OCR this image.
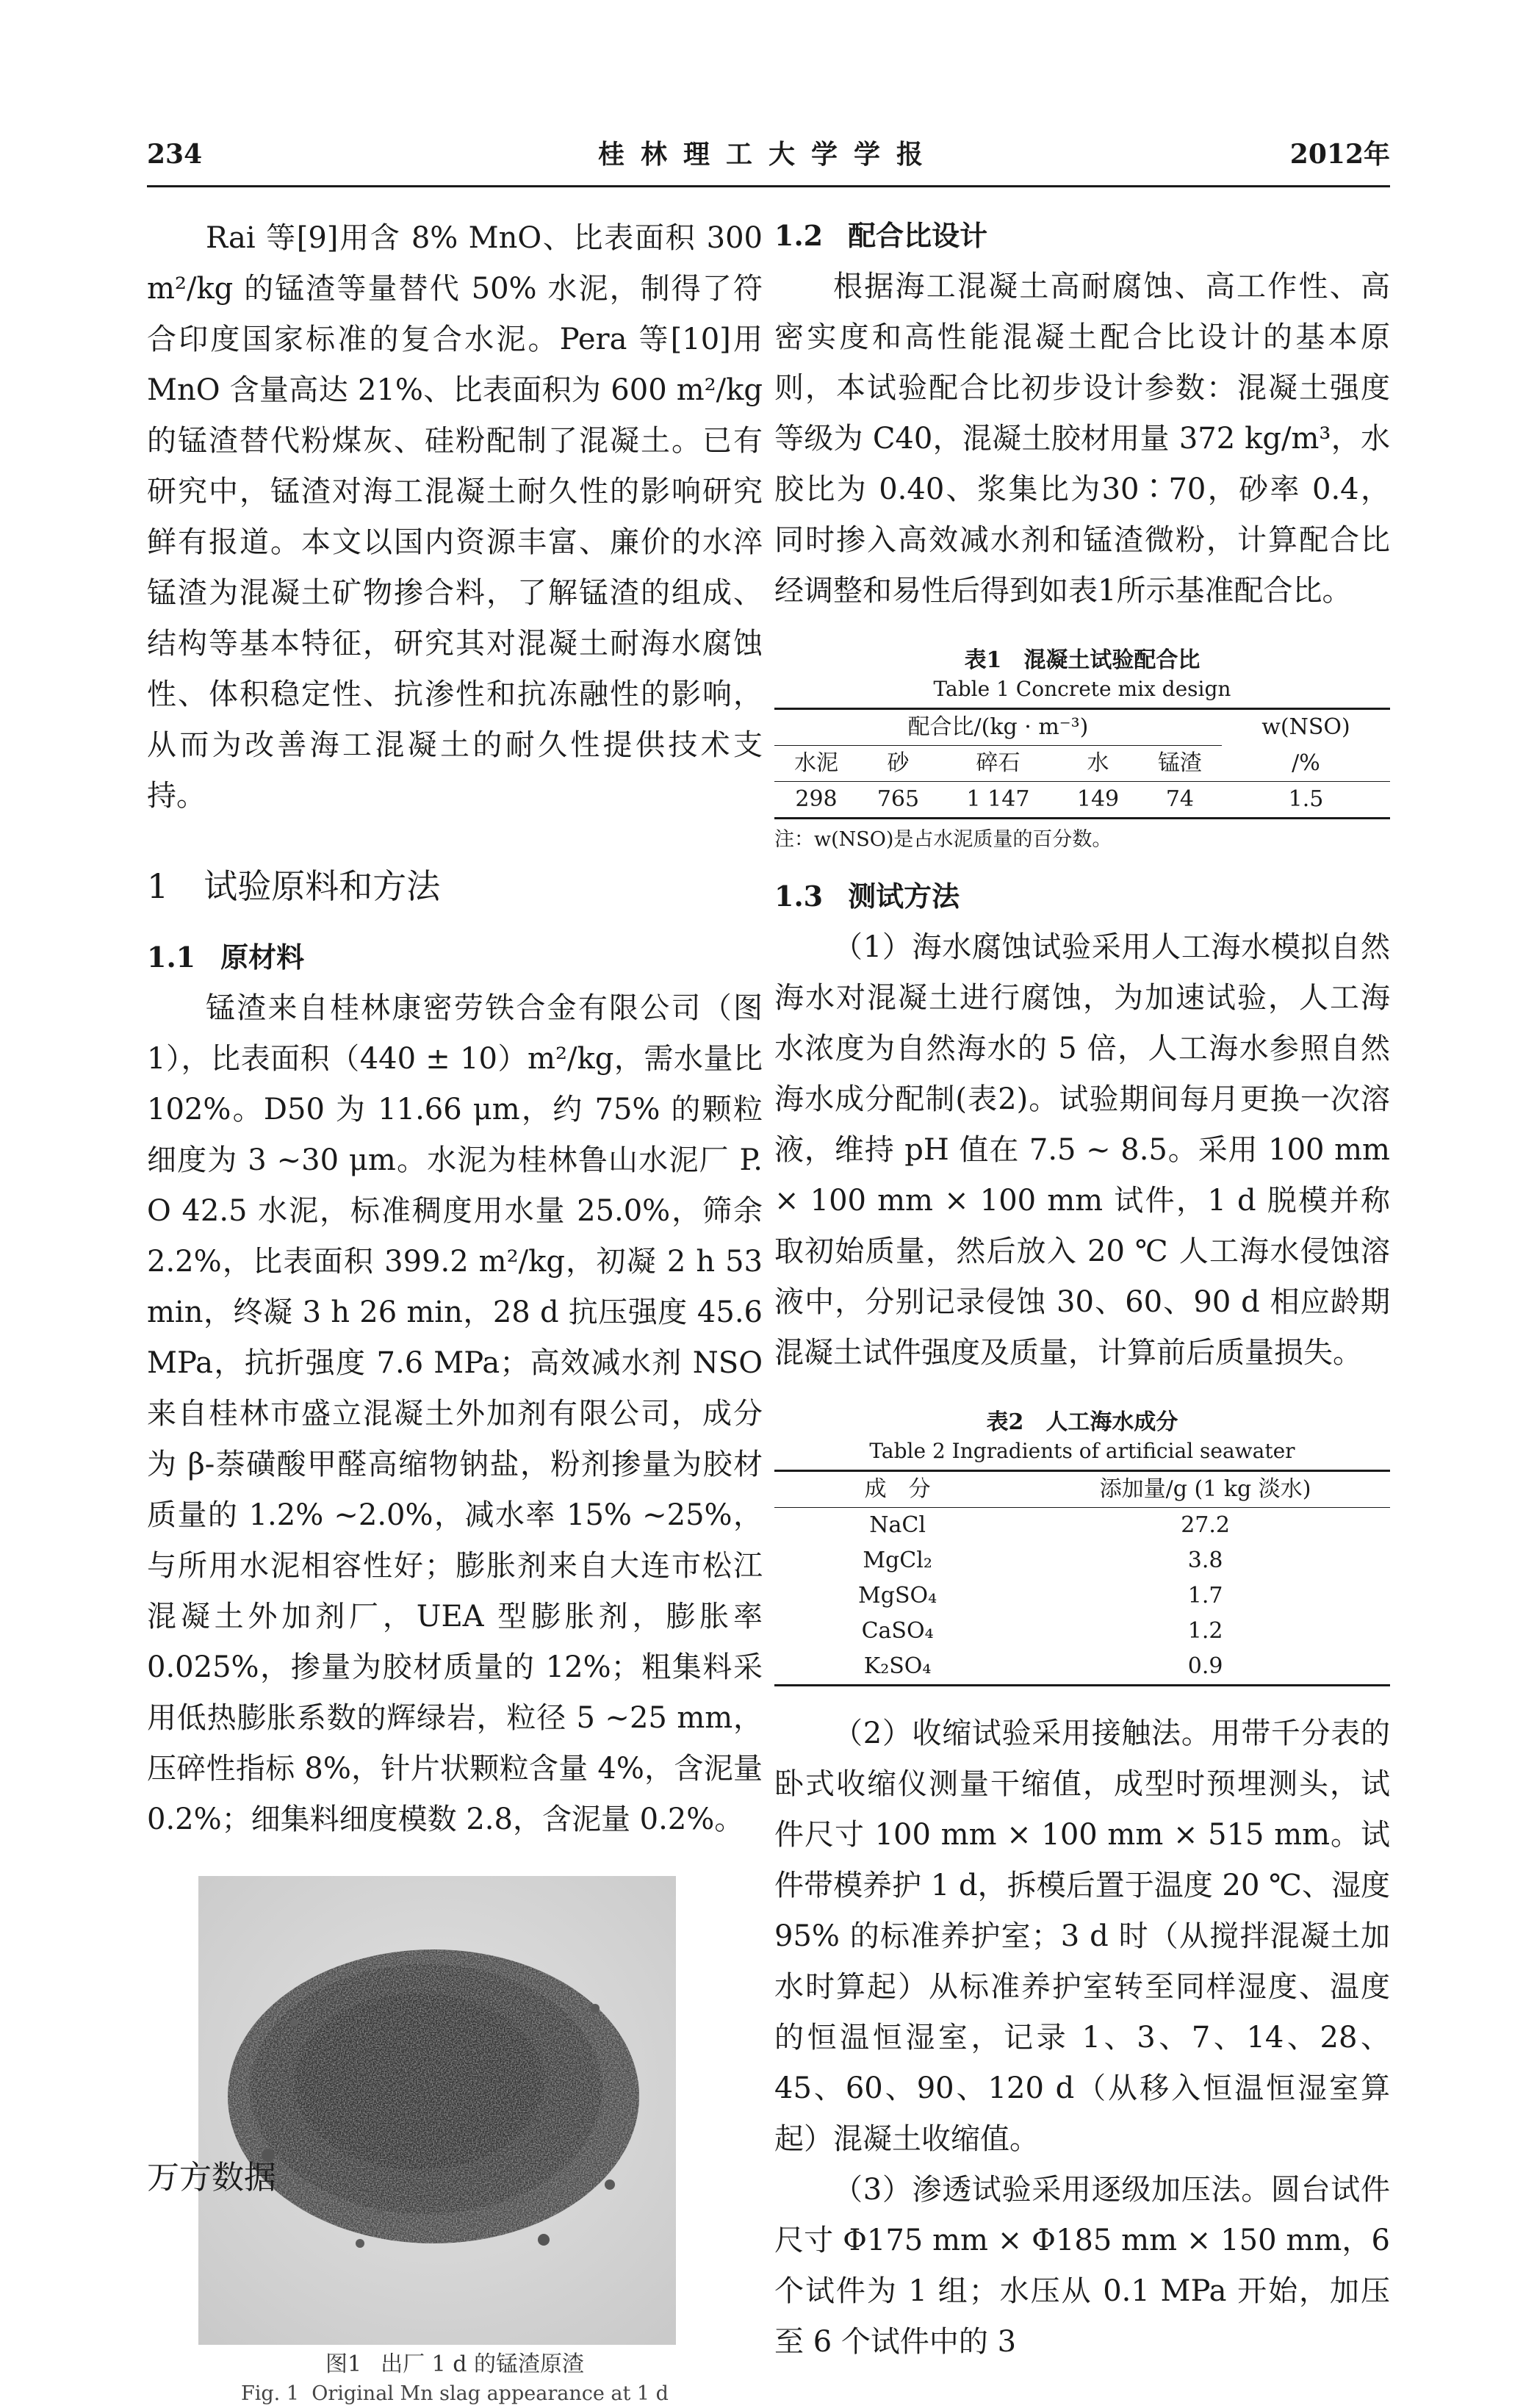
234	桂林理工大学学报	2012年

Rai 等[9]用含 8% MnO、比表面积 300 m²/kg 的锰渣等量替代 50% 水泥，制得了符合印度国家标准的复合水泥。Pera 等[10]用 MnO 含量高达 21%、比表面积为 600 m²/kg 的锰渣替代粉煤灰、硅粉配制了混凝土。已有研究中，锰渣对海工混凝土耐久性的影响研究鲜有报道。本文以国内资源丰富、廉价的水淬锰渣为混凝土矿物掺合料，了解锰渣的组成、结构等基本特征，研究其对混凝土耐海水腐蚀性、体积稳定性、抗渗性和抗冻融性的影响，从而为改善海工混凝土的耐久性提供技术支持。

1 试验原料和方法
1.1 原材料

锰渣来自桂林康密劳铁合金有限公司（图1），比表面积（440 ± 10）m²/kg，需水量比102%。D50 为 11.66 μm，约 75% 的颗粒细度为 3 ~30 μm。水泥为桂林鲁山水泥厂 P. O 42.5 水泥，标准稠度用水量 25.0%，筛余 2.2%，比表面积 399.2 m²/kg，初凝 2 h 53 min，终凝 3 h 26 min，28 d 抗压强度 45.6 MPa，抗折强度 7.6 MPa；高效减水剂 NSO 来自桂林市盛立混凝土外加剂有限公司，成分为 β-萘磺酸甲醛高缩物钠盐，粉剂掺量为胶材质量的 1.2% ~2.0%，减水率 15% ~25%，与所用水泥相容性好；膨胀剂来自大连市松江混凝土外加剂厂，UEA 型膨胀剂，膨胀率 0.025%，掺量为胶材质量的 12%；粗集料采用低热膨胀系数的辉绿岩，粒径 5 ~25 mm，压碎性指标 8%，针片状颗粒含量 4%，含泥量 0.2%；细集料细度模数 2.8，含泥量 0.2%。

图1 出厂 1 d 的锰渣原渣
Fig. 1 Original Mn slag appearance at 1 d
1.2 配合比设计

根据海工混凝土高耐腐蚀、高工作性、高密实度和高性能混凝土配合比设计的基本原则，本试验配合比初步设计参数：混凝土强度等级为 C40，混凝土胶材用量 372 kg/m³，水胶比为 0.40、浆集比为30∶70，砂率 0.4，同时掺入高效减水剂和锰渣微粉，计算配合比经调整和易性后得到如表1所示基准配合比。

表1 混凝土试验配合比
Table 1 Concrete mix design
配合比/(kg · m⁻³)					w(NSO)
水泥	砂	碎石	水	锰渣	/%
298	765	1 147	149	74	1.5
注：w(NSO)是占水泥质量的百分数。
1.3 测试方法

（1）海水腐蚀试验采用人工海水模拟自然海水对混凝土进行腐蚀，为加速试验，人工海水浓度为自然海水的 5 倍，人工海水参照自然海水成分配制(表2)。试验期间每月更换一次溶液，维持 pH 值在 7.5 ~ 8.5。采用 100 mm × 100 mm × 100 mm 试件，1 d 脱模并称取初始质量，然后放入 20 ℃ 人工海水侵蚀溶液中，分别记录侵蚀 30、60、90 d 相应龄期混凝土试件强度及质量，计算前后质量损失。

表2 人工海水成分
Table 2 Ingradients of artificial seawater
成　分	添加量/g (1 kg 淡水)
NaCl	27.2
MgCl₂	3.8
MgSO₄	1.7
CaSO₄	1.2
K₂SO₄	0.9

（2）收缩试验采用接触法。用带千分表的卧式收缩仪测量干缩值，成型时预埋测头，试件尺寸 100 mm × 100 mm × 515 mm。试件带模养护 1 d，拆模后置于温度 20 ℃、湿度 95% 的标准养护室；3 d 时（从搅拌混凝土加水时算起）从标准养护室转至同样湿度、温度的恒温恒湿室，记录 1、3、7、14、28、45、60、90、120 d（从移入恒温恒湿室算起）混凝土收缩值。

（3）渗透试验采用逐级加压法。圆台试件尺寸 Φ175 mm × Φ185 mm × 150 mm，6 个试件为 1 组；水压从 0.1 MPa 开始，加压至 6 个试件中的 3

万方数据
